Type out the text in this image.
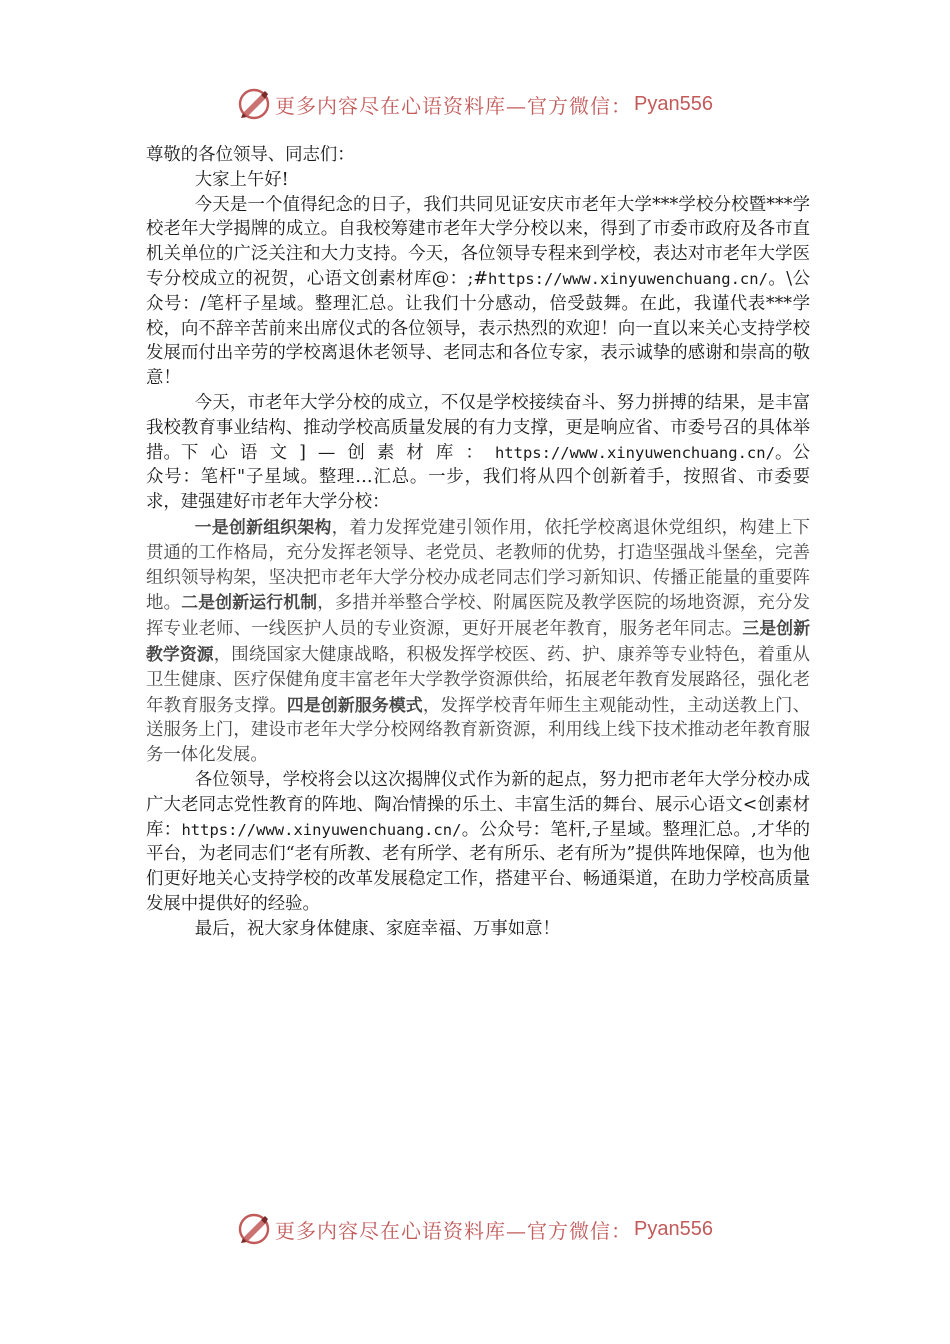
更多内容尽在心语资料库—官方微信： Pyan556

尊敬的各位领导、同志们：

大家上午好!

今天是一个值得纪念的日子，我们共同见证安庆市老年大学***学校分校暨***学校老年大学揭牌的成立。自我校筹建市老年大学分校以来，得到了市委市政府及各市直机关单位的广泛关注和大力支持。今天，各位领导专程来到学校，表达对市老年大学医专分校成立的祝贺，心语文创素材库@：;#https://www.xinyuwenchuang.cn/。\公众号：/笔杆子星域。整理汇总。让我们十分感动，倍受鼓舞。在此，我谨代表***学校，向不辞辛苦前来出席仪式的各位领导，表示热烈的欢迎！向一直以来关心支持学校发展而付出辛劳的学校离退休老领导、老同志和各位专家，表示诚挚的感谢和崇高的敬意！

今天，市老年大学分校的成立，不仅是学校接续奋斗、努力拼搏的结果，是丰富我校教育事业结构、推动学校高质量发展的有力支撑，更是响应省、市委号召的具体举措。下心语文]—创素材库：https://www.xinyuwenchuang.cn/。公众号：笔杆"子星域。整理…汇总。一步，我们将从四个创新着手，按照省、市委要求，建强建好市老年大学分校：

一是创新组织架构，着力发挥党建引领作用，依托学校离退休党组织，构建上下贯通的工作格局，充分发挥老领导、老党员、老教师的优势，打造坚强战斗堡垒，完善组织领导构架，坚决把市老年大学分校办成老同志们学习新知识、传播正能量的重要阵地。二是创新运行机制，多措并举整合学校、附属医院及教学医院的场地资源，充分发挥专业老师、一线医护人员的专业资源，更好开展老年教育，服务老年同志。三是创新教学资源，围绕国家大健康战略，积极发挥学校医、药、护、康养等专业特色，着重从卫生健康、医疗保健角度丰富老年大学教学资源供给，拓展老年教育发展路径，强化老年教育服务支撑。四是创新服务模式，发挥学校青年师生主观能动性，主动送教上门、送服务上门，建设市老年大学分校网络教育新资源，利用线上线下技术推动老年教育服务一体化发展。

各位领导，学校将会以这次揭牌仪式作为新的起点，努力把市老年大学分校办成广大老同志党性教育的阵地、陶冶情操的乐土、丰富生活的舞台、展示心语文<创素材库：https://www.xinyuwenchuang.cn/。公众号：笔杆,子星域。整理汇总。,才华的平台，为老同志们“老有所教、老有所学、老有所乐、老有所为”提供阵地保障，也为他们更好地关心支持学校的改革发展稳定工作，搭建平台、畅通渠道，在助力学校高质量发展中提供好的经验。

最后，祝大家身体健康、家庭幸福、万事如意！

更多内容尽在心语资料库—官方微信： Pyan556
